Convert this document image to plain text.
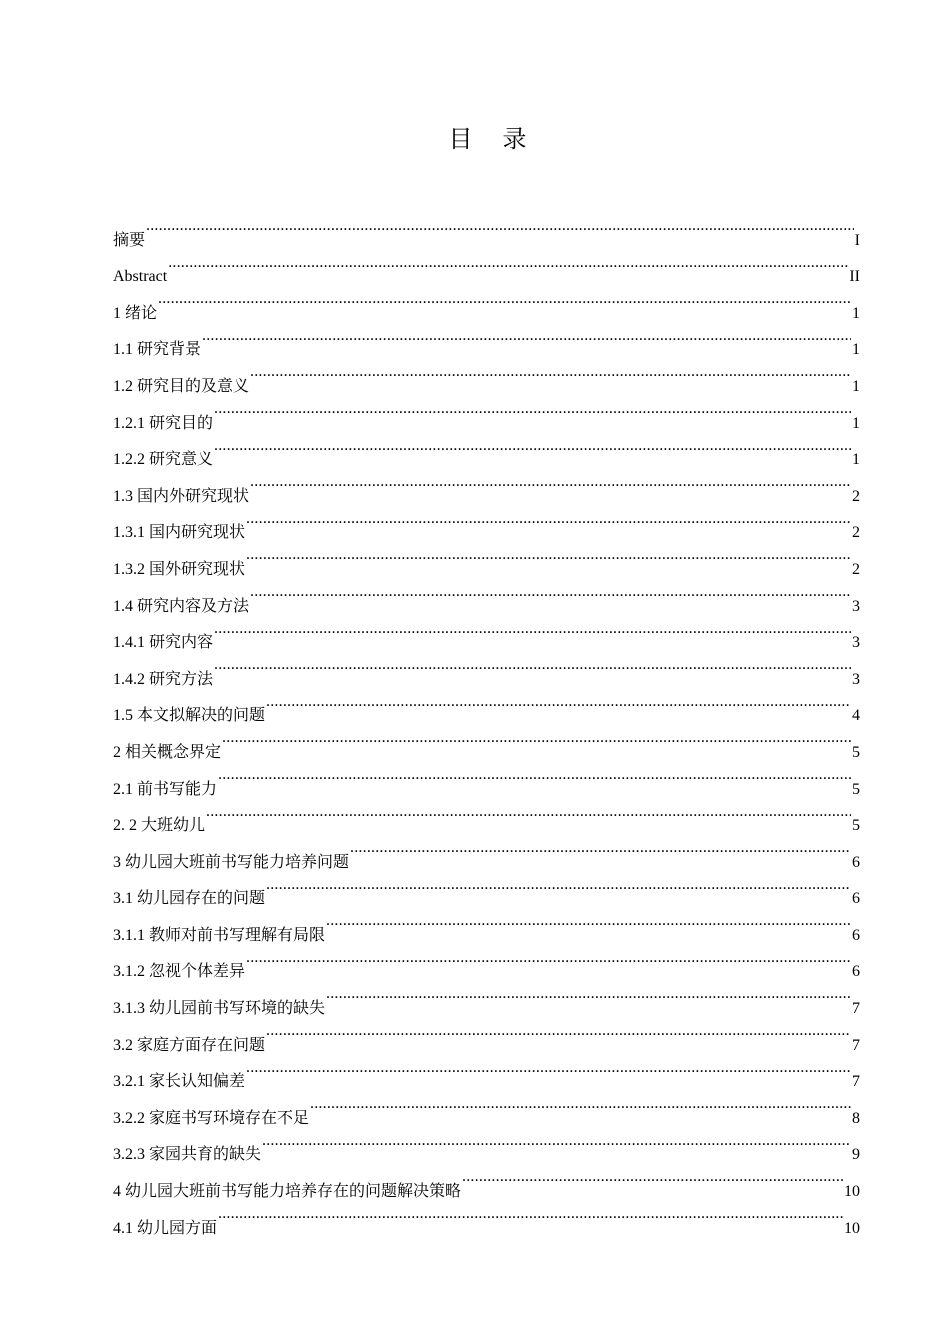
目 录
摘要 .....	I
Abstract .....	II
1 绪论 .....	1
1.1 研究背景 .....	1
1.2 研究目的及意义 .....	1
1.2.1 研究目的 .....	1
1.2.2 研究意义 .....	1
1.3 国内外研究现状 .....	2
1.3.1 国内研究现状 .....	2
1.3.2 国外研究现状 .....	2
1.4 研究内容及方法 .....	3
1.4.1 研究内容 .....	3
1.4.2 研究方法 .....	3
1.5 本文拟解决的问题 .....	4
2 相关概念界定 .....	5
2.1 前书写能力 .....	5
2. 2 大班幼儿 .....	5
3 幼儿园大班前书写能力培养问题 .....	6
3.1 幼儿园存在的问题 .....	6
3.1.1 教师对前书写理解有局限 .....	6
3.1.2 忽视个体差异 .....	6
3.1.3 幼儿园前书写环境的缺失 .....	7
3.2 家庭方面存在问题 .....	7
3.2.1 家长认知偏差 .....	7
3.2.2 家庭书写环境存在不足 .....	8
3.2.3 家园共育的缺失 .....	9
4 幼儿园大班前书写能力培养存在的问题解决策略 .....	10
4.1 幼儿园方面 .....	10
